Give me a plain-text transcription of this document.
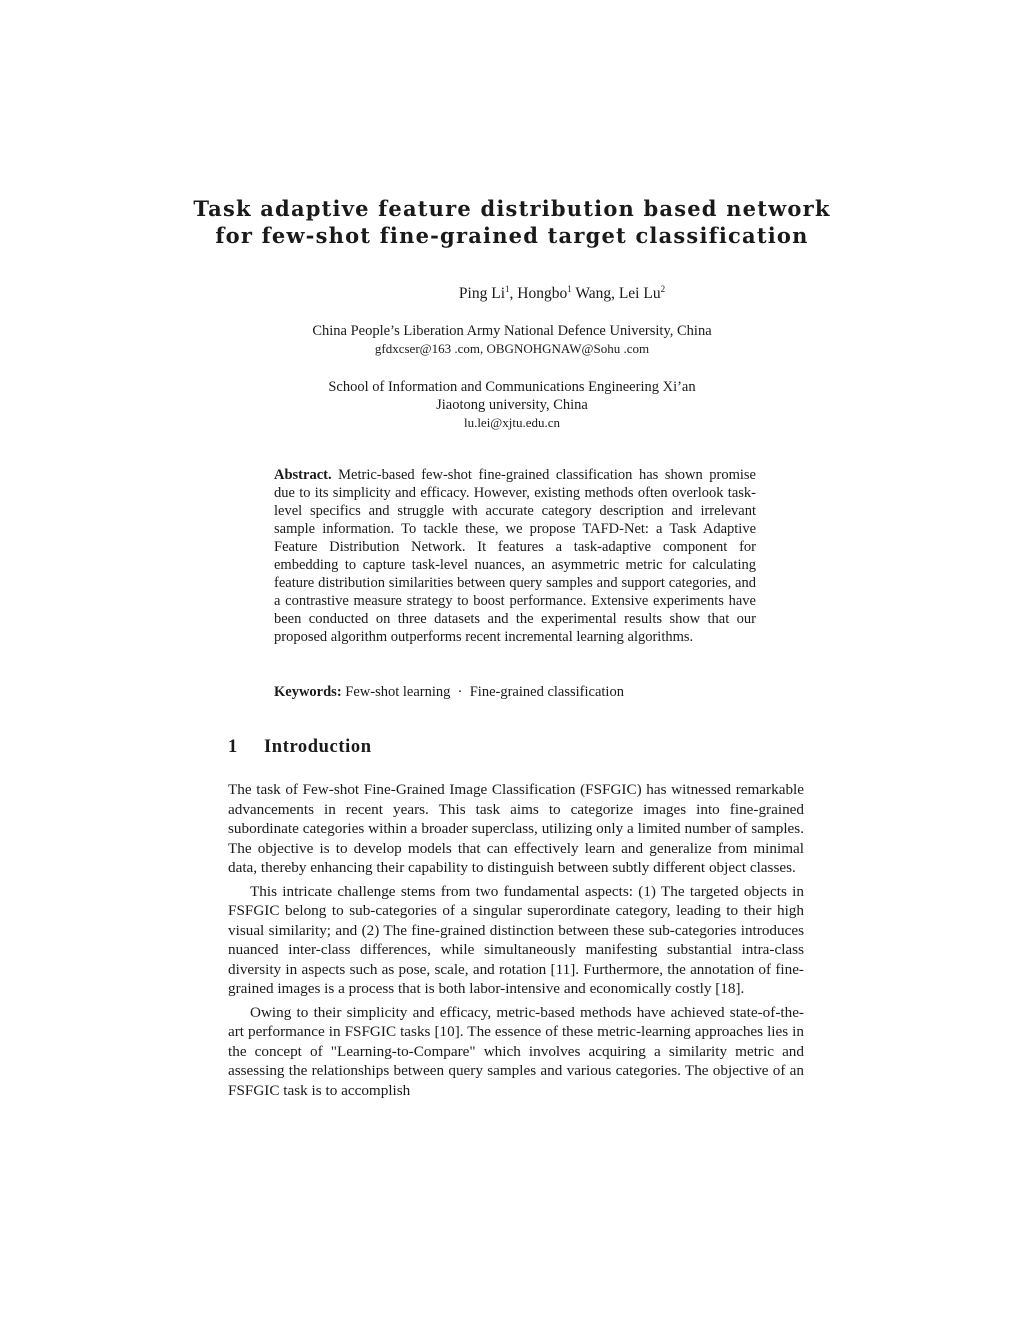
Task adaptive feature distribution based network
for few-shot fine-grained target classification
Ping Li$^1$, Hongbo$^1$ Wang, Lei Lu$^2$
China People’s Liberation Army National Defence University, China
gfdxcser@163 .com, OBGNOHGNAW@Sohu .com
School of Information and Communications Engineering Xi’an
Jiaotong university, China
lu.lei@xjtu.edu.cn
Abstract. Metric-based few-shot fine-grained classification has shown promise due to its simplicity and efficacy. However, existing methods often overlook task-level specifics and struggle with accurate category description and irrelevant sample information. To tackle these, we propose TAFD-Net: a Task Adaptive Feature Distribution Network. It features a task-adaptive component for embedding to capture task-level nuances, an asymmetric metric for calculating feature distribution similarities between query samples and support categories, and a contrastive measure strategy to boost performance. Extensive experiments have been conducted on three datasets and the experimental results show that our proposed algorithm outperforms recent incremental learning algorithms.
Keywords: Few-shot learning  ·  Fine-grained classification
1 Introduction

The task of Few-shot Fine-Grained Image Classification (FSFGIC) has witnessed remarkable advancements in recent years. This task aims to categorize images into fine-grained subordinate categories within a broader superclass, utilizing only a limited number of samples. The objective is to develop models that can effectively learn and generalize from minimal data, thereby enhancing their capability to distinguish between subtly different object classes.

This intricate challenge stems from two fundamental aspects: (1) The targeted objects in FSFGIC belong to sub-categories of a singular superordinate category, leading to their high visual similarity; and (2) The fine-grained distinction between these sub-categories introduces nuanced inter-class differences, while simultaneously manifesting substantial intra-class diversity in aspects such as pose, scale, and rotation [11]. Furthermore, the annotation of fine-grained images is a process that is both labor-intensive and economically costly [18].

Owing to their simplicity and efficacy, metric-based methods have achieved state-of-the-art performance in FSFGIC tasks [10]. The essence of these metric-learning approaches lies in the concept of "Learning-to-Compare" which involves acquiring a similarity metric and assessing the relationships between query samples and various categories. The objective of an FSFGIC task is to accomplish
